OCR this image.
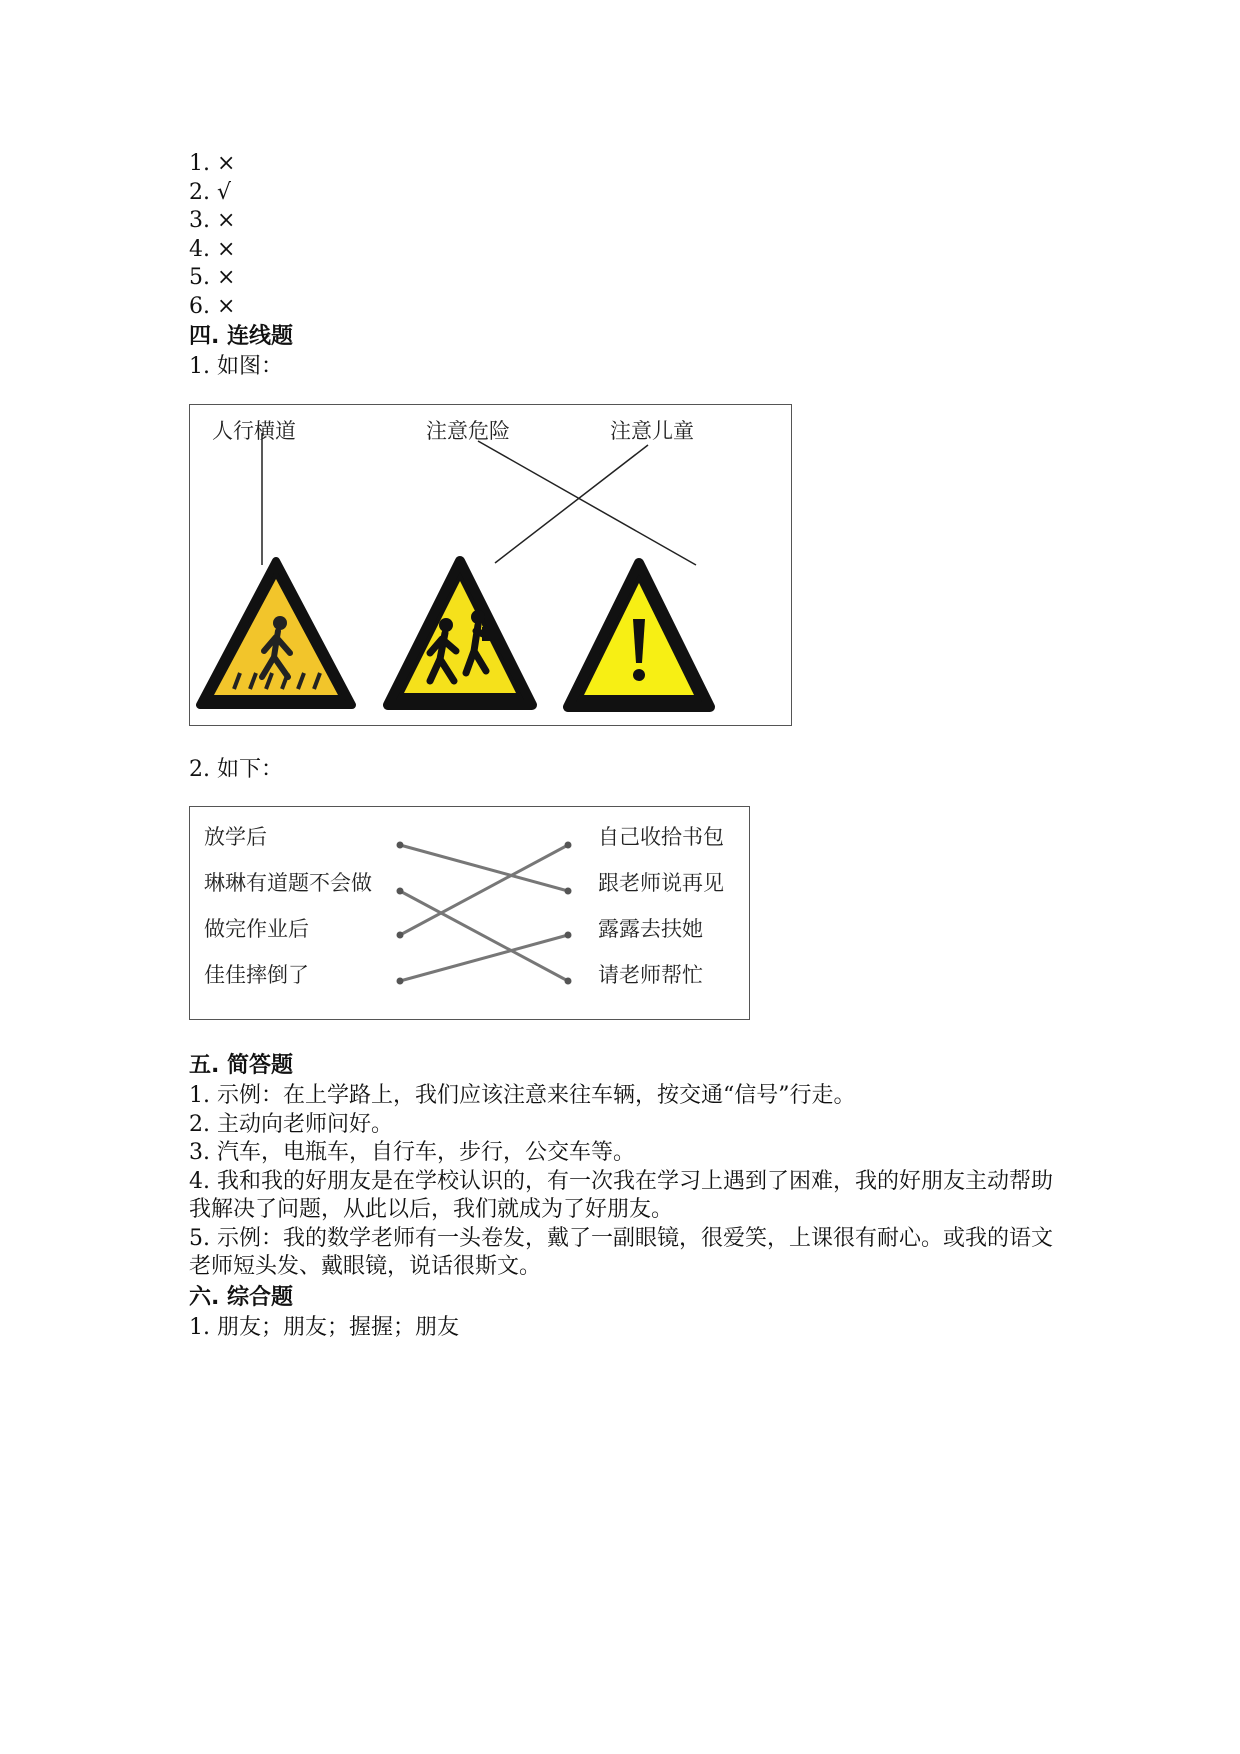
1. ×
2. √
3. ×
4. ×
5. ×
6. ×
四. 连线题
1. 如图：
人行横道	注意危险	注意儿童
2. 如下：
放学后
琳琳有道题不会做
做完作业后
佳佳摔倒了
自己收拾书包
跟老师说再见
露露去扶她
请老师帮忙
五. 简答题
1. 示例：在上学路上，我们应该注意来往车辆，按交通“信号”行走。
2. 主动向老师问好。
3. 汽车，电瓶车，自行车，步行，公交车等。
4. 我和我的好朋友是在学校认识的，有一次我在学习上遇到了困难，我的好朋友主动帮助我解决了问题，从此以后，我们就成为了好朋友。
5. 示例：我的数学老师有一头卷发，戴了一副眼镜，很爱笑，上课很有耐心。或我的语文老师短头发、戴眼镜，说话很斯文。
六. 综合题
1. 朋友；朋友；握握；朋友
